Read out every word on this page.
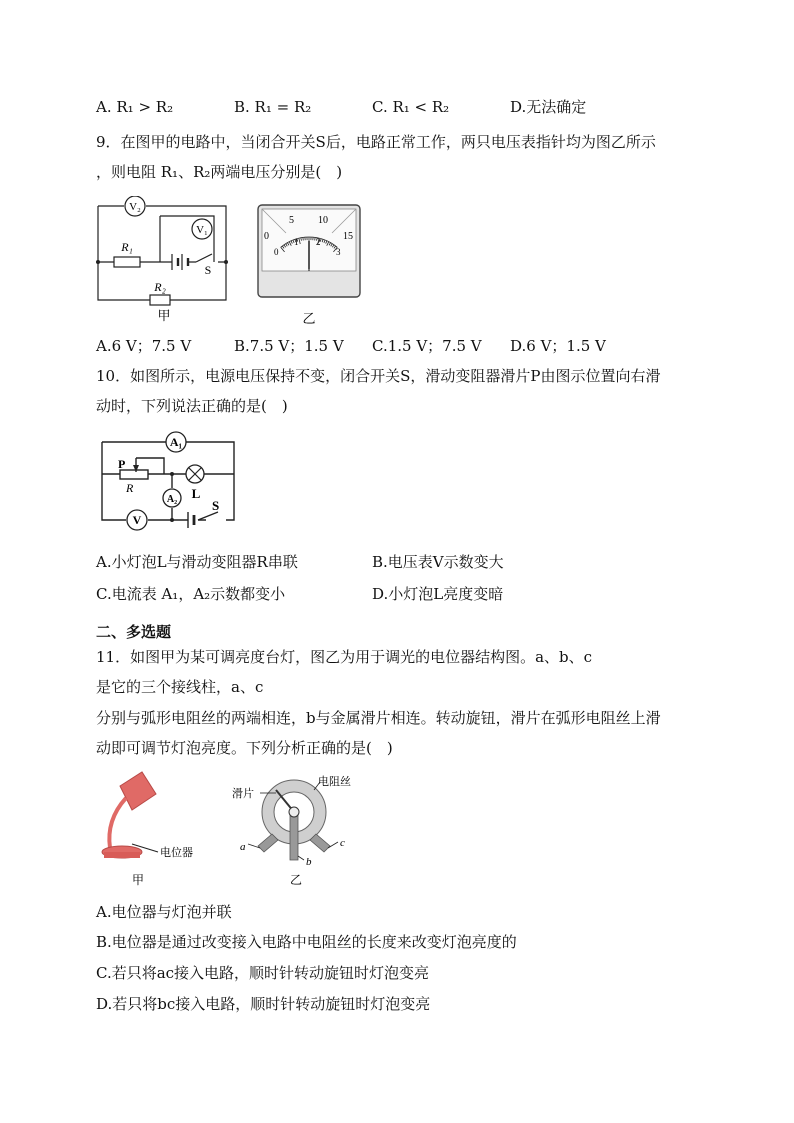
A. R₁ > R₂	B. R₁ = R₂	C. R₁ < R₂	D.无法确定
9．在图甲的电路中，当闭合开关S后，电路正常工作，两只电压表指针均为图乙所示
，则电阻 R₁、R₂两端电压分别是(　)
V₂
V₁
R₁
R₂
S
甲
0
5 10
15
0
1 2
3
乙
A.6 V；7.5 V	B.7.5 V；1.5 V C.1.5 V；7.5 V D.6 V；1.5 V
10．如图所示，电源电压保持不变，闭合开关S，滑动变阻器滑片P由图示位置向右滑
动时，下列说法正确的是(　)
A₁
A₂
V
P
R	L
S
A.小灯泡L与滑动变阻器R串联	B.电压表V示数变大
C.电流表 A₁，A₂示数都变小	D.小灯泡L亮度变暗
二、多选题
11．如图甲为某可调亮度台灯，图乙为用于调光的电位器结构图。a、b、c
是它的三个接线柱，a、c
分别与弧形电阻丝的两端相连，b与金属滑片相连。转动旋钮，滑片在弧形电阻丝上滑
动即可调节灯泡亮度。下列分析正确的是(　)
电位器
甲
滑片
电阻丝
a
b
c
乙
A.电位器与灯泡并联
B.电位器是通过改变接入电路中电阻丝的长度来改变灯泡亮度的
C.若只将ac接入电路，顺时针转动旋钮时灯泡变亮
D.若只将bc接入电路，顺时针转动旋钮时灯泡变亮
